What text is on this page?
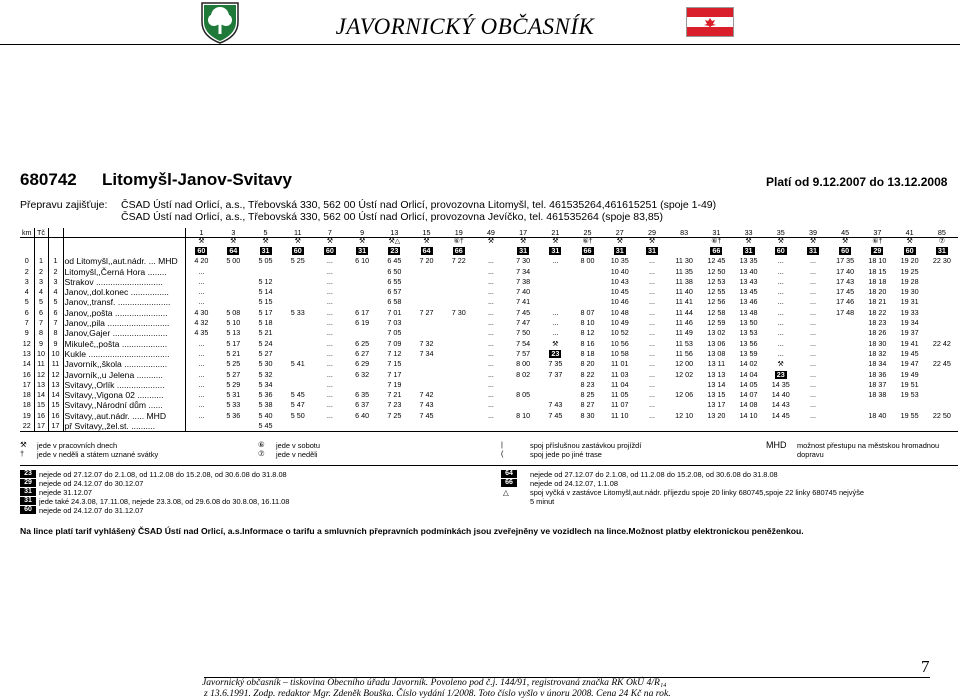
JAVORNICKÝ OBČASNÍK
680742 Litomyšl-Janov-Svitavy	Platí od 9.12.2007 do 13.12.2008
Přepravu zajišťuje: ČSAD Ústí nad Orlicí, a.s., Třebovská 330, 562 00 Ústí nad Orlicí, provozovna Litomyšl, tel. 461535264,461615251 (spoje 1-49)
ČSAD Ústí nad Orlicí, a.s., Třebovská 330, 562 00 Ústí nad Orlicí, provozovna Jevíčko, tel. 461535264 (spoje 83,85)
km	Tč			1	3	5	11	7	9	13	15	19	49	17	21	25	27	29	83	31	33	35	39	45	37	41	85
				⚒	⚒	⚒	⚒	⚒	⚒	⚒△	⚒	⑥†	⚒	⚒	⚒	⑥†	⚒	⚒		⑥†	⚒	⚒	⚒	⚒	⑥†	⚒	⑦
				60	64	31	60	60	31	23	64	66		31	31	66	31	31		66	31	60	31	60	29	60	31
0	1	1	od Litomyšl,,aut.nádr. ... MHD	4 20	5 00	5 05	5 25	...	6 10	6 45	7 20	7 22	...	7 30	...	8 00	10 35	...	11 30	12 45	13 35	...	...	17 35	18 10	19 20	22 30
2	2	2	Litomyšl,,Černá Hora ........	...				...		6 50			...	7 34			10 40	...	11 35	12 50	13 40	...	...	17 40	18 15	19 25	
3	3	3	Strakov ............................	...		5 12		...		6 55			...	7 38			10 43	...	11 38	12 53	13 43	...	...	17 43	18 18	19 28	
4	4	4	Janov,,dol.konec ................	...		5 14		...		6 57			...	7 40			10 45	...	11 40	12 55	13 45	...	...	17 45	18 20	19 30	
5	5	5	Janov,,transf. ......................	...		5 15		...		6 58			...	7 41			10 46	...	11 41	12 56	13 46	...	...	17 46	18 21	19 31	
6	6	6	Janov,,pošta ......................	4 30	5 08	5 17	5 33	...	6 17	7 01	7 27	7 30	...	7 45	...	8 07	10 48	...	11 44	12 58	13 48	...	...	17 48	18 22	19 33	
7	7	7	Janov,,pila ..........................	4 32	5 10	5 18		...	6 19	7 03			...	7 47	...	8 10	10 49	...	11 46	12 59	13 50	...	...		18 23	19 34	
9	8	8	Janov,Gajer .......................	4 35	5 13	5 21		...		7 05			...	7 50	...	8 12	10 52	...	11 49	13 02	13 53	...	...		18 26	19 37	
12	9	9	Mikuleč,,pošta ...................	...	5 17	5 24		...	6 25	7 09	7 32		...	7 54	⚒	8 16	10 56	...	11 53	13 06	13 56	...	...		18 30	19 41	22 42
13	10	10	Kukle ..................................	...	5 21	5 27		...	6 27	7 12	7 34		...	7 57	23	8 18	10 58	...	11 56	13 08	13 59	...	...		18 32	19 45	
14	11	11	Javorník,,škola ..................	...	5 25	5 30	5 41	...	6 29	7 15			...	8 00	7 35	8 20	11 01	...	12 00	13 11	14 02	⚒	...		18 34	19 47	22 45
16	12	12	Javorník,,u Jelena ...........	...	5 27	5 32		...	6 32	7 17			...	8 02	7 37	8 22	11 03	...	12 02	13 13	14 04	23	...		18 36	19 49	
17	13	13	Svitavy,,Orlík ....................	...	5 29	5 34		...		7 19			...			8 23	11 04	...		13 14	14 05	14 35	...		18 37	19 51	
18	14	14	Svitavy,,Vigona 02 ...........	...	5 31	5 36	5 45	...	6 35	7 21	7 42		...	8 05		8 25	11 05	...	12 06	13 15	14 07	14 40	...		18 38	19 53	
18	15	15	Svitavy,,Národní dům ......	...	5 33	5 38	5 47	...	6 37	7 23	7 43		...		7 43	8 27	11 07	...		13 17	14 08	14 43	...				
19	16	16	Svitavy,,aut.nádr. ..... MHD	...	5 36	5 40	5 50	...	6 40	7 25	7 45		...	8 10	7 45	8 30	11 10	...	12 10	13 20	14 10	14 45	...		18 40	19 55	22 50
22	17	17	př Svitavy,,žel.st. ..........			5 45																					
⚒ jede v pracovních dnech
† jede v neděli a státem uznané svátky
⑥ jede v sobotu
⑦ jede v neděli
|	spoj příslušnou zastávkou projíždí
(	spoj jede po jiné trase
MHD možnost přestupu na městskou hromadnou
dopravu
23 nejede od 27.12.07 do 2.1.08, od 11.2.08 do 15.2.08, od 30.6.08 do 31.8.08
29 nejede od 24.12.07 do 30.12.07
31 nejede 31.12.07
31 jede také 24.3.08, 17.11.08, nejede 23.3.08, od 29.6.08 do 30.8.08, 16.11.08
60 nejede od 24.12.07 do 31.12.07
64	nejede od 27.12.07 do 2.1.08, od 11.2.08 do 15.2.08, od 30.6.08 do 31.8.08
66	nejede od 24.12.07, 1.1.08
△	spoj vyčká v zastávce Litomyšl,aut.nádr. příjezdu spoje 20 linky 680745,spoje 22 linky 680745 nejvýše
5 minut
Na lince platí tarif vyhlášený ČSAD Ústí nad Orlicí, a.s.Informace o tarifu a smluvních přepravních podmínkách jsou zveřejněny ve vozidlech na lince.Možnost platby elektronickou peněženkou.
7
Javornický občasník – tiskovina Obecního úřadu Javorník. Povoleno pod č.j. 144/91, registrovaná značka RK OkÚ 4/R₁₄
z 13.6.1991. Zodp. redaktor Mgr. Zdeněk Bouška. Číslo vydání 1/2008. Toto číslo vyšlo v únoru 2008. Cena 24 Kč na rok.
